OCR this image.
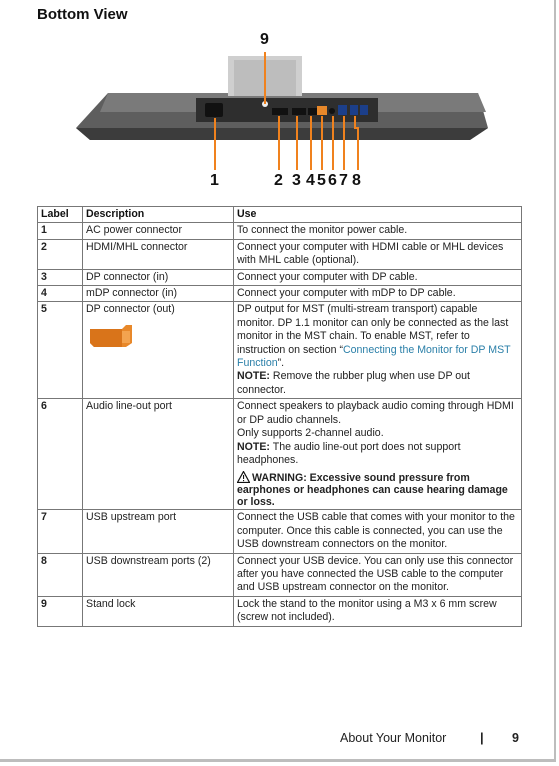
Bottom View
9
1	2 3 4 5 6 7 8
Label	Description	Use
1	AC power connector	To connect the monitor power cable.
2	HDMI/MHL connector	Connect your computer with HDMI cable or MHL devices with MHL cable (optional).
3	DP connector (in)	Connect your computer with DP cable.
4	mDP connector (in)	Connect your computer with mDP to DP cable.
5	DP connector (out)	DP output for MST (multi-stream transport) capable monitor. DP 1.1 monitor can only be connected as the last monitor in the MST chain. To enable MST, refer to instruction on section “Connecting the Monitor for DP MST Function”.
NOTE: Remove the rubber plug when use DP out connector.
6	Audio line-out port	Connect speakers to playback audio coming through HDMI or DP audio channels.
Only supports 2-channel audio.
NOTE: The audio line-out port does not support headphones.
WARNING: Excessive sound pressure from earphones or headphones can cause hearing damage or loss.

7	USB upstream port	Connect the USB cable that comes with your monitor to the computer. Once this cable is connected, you can use the USB downstream connectors on the monitor.
8	USB downstream ports (2)	Connect your USB device. You can only use this connector after you have connected the USB cable to the computer and USB upstream connector on the monitor.
9	Stand lock	Lock the stand to the monitor using a M3 x 6 mm screw (screw not included).
About Your Monitor	| 9
